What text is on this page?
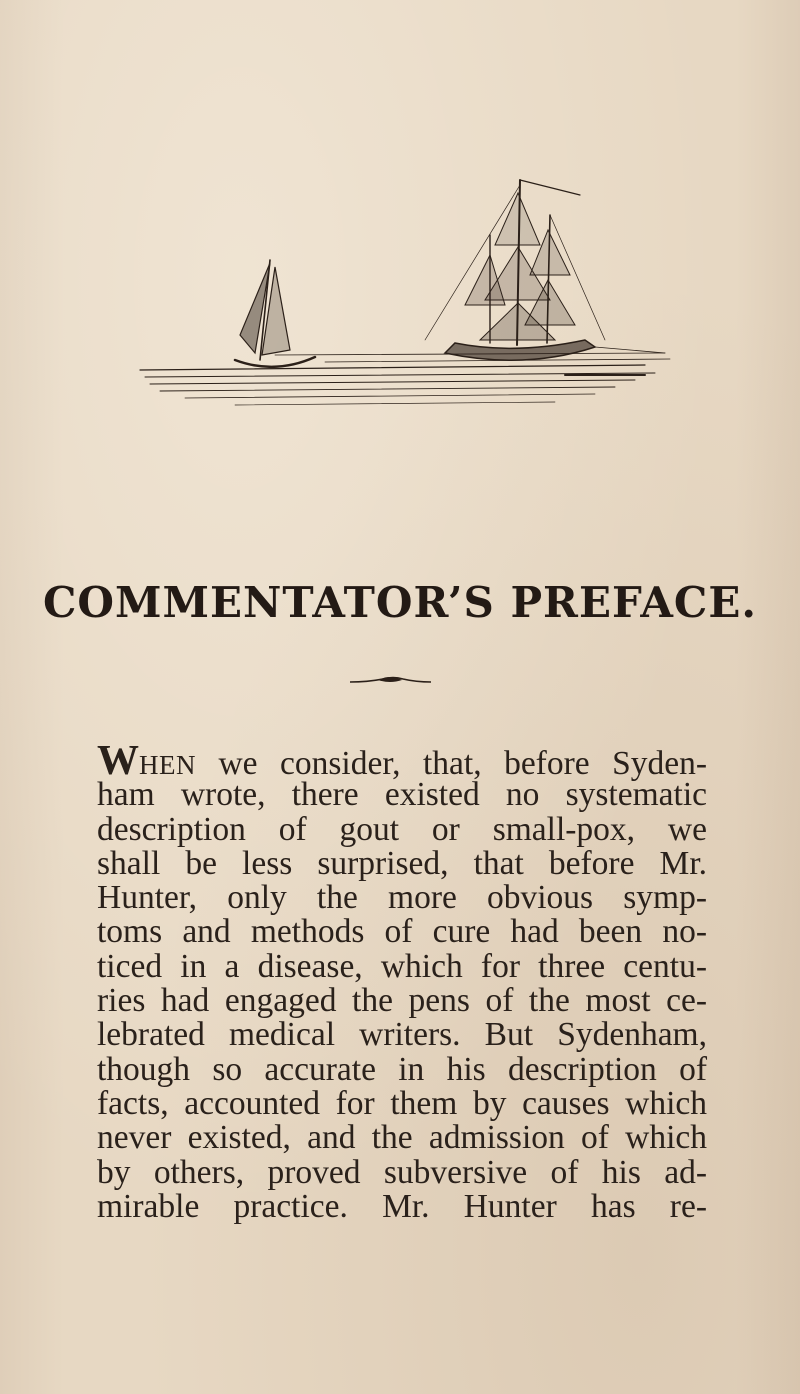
COMMENTATOR’S PREFACE.
WHEN we consider, that, before Syden-
ham wrote, there existed no systematic
description of gout or small-pox, we
shall be less surprised, that before Mr.
Hunter, only the more obvious symp-
toms and methods of cure had been no-
ticed in a disease, which for three centu-
ries had engaged the pens of the most ce-
lebrated medical writers. But Sydenham,
though so accurate in his description of
facts, accounted for them by causes which
never existed, and the admission of which
by others, proved subversive of his ad-
mirable practice. Mr. Hunter has re-
